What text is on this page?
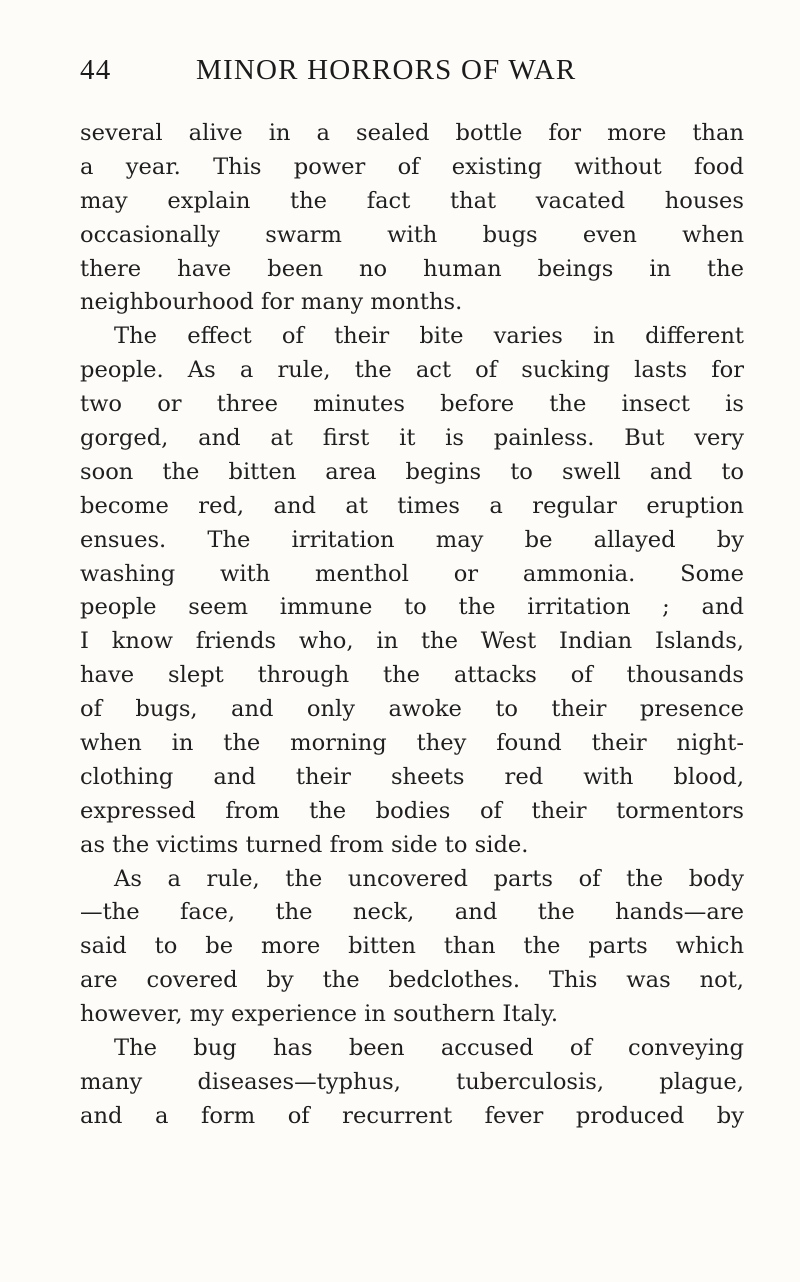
44	MINOR HORRORS OF WAR
several alive in a sealed bottle for more than
a year. This power of existing without food
may explain the fact that vacated houses
occasionally swarm with bugs even when
there have been no human beings in the
neighbourhood for many months.
The effect of their bite varies in different
people. As a rule, the act of sucking lasts for
two or three minutes before the insect is
gorged, and at first it is painless. But very
soon the bitten area begins to swell and to
become red, and at times a regular eruption
ensues. The irritation may be allayed by
washing with menthol or ammonia. Some
people seem immune to the irritation ; and
I know friends who, in the West Indian Islands,
have slept through the attacks of thousands
of bugs, and only awoke to their presence
when in the morning they found their night-
clothing and their sheets red with blood,
expressed from the bodies of their tormentors
as the victims turned from side to side.
As a rule, the uncovered parts of the body
—the face, the neck, and the hands—are
said to be more bitten than the parts which
are covered by the bedclothes. This was not,
however, my experience in southern Italy.
The bug has been accused of conveying
many diseases—typhus, tuberculosis, plague,
and a form of recurrent fever produced by
